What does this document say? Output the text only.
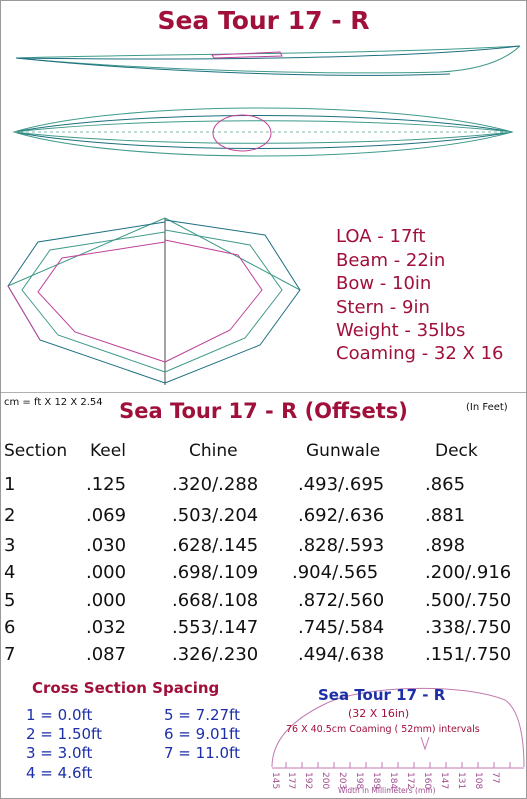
Sea Tour 17 - R
LOA - 17ft
Beam - 22in
Bow - 10in
Stern - 9in
Weight - 35lbs
Coaming - 32 X 16
cm = ft X 12 X 2.54	(In Feet)
Sea Tour 17 - R (Offsets)
Section Keel	Chine	Gunwale	Deck
1	.125	.320/.288 .493/.695 .865
2	.069	.503/.204 .692/.636 .881
3	.030	.628/.145 .828/.593 .898
4	.000	.698/.109 .904/.565	.200/.916
5	.000	.668/.108 .872/.560 .500/.750
6	.032	.553/.147 .745/.584 .338/.750
7	.087	.326/.230 .494/.638 .151/.750
Cross Section Spacing
1 = 0.0ft
2 = 1.50ft
3 = 3.0ft
4 = 4.6ft
5 = 7.27ft
6 = 9.01ft
7 = 11.0ft
Sea Tour 17 - R
(32 X 16in)
76 X 40.5cm Coaming ( 52mm) intervals
145 177 192 200 203 198 189 184 172 160 147 131 108 77
Width in Millimeters (mm)
